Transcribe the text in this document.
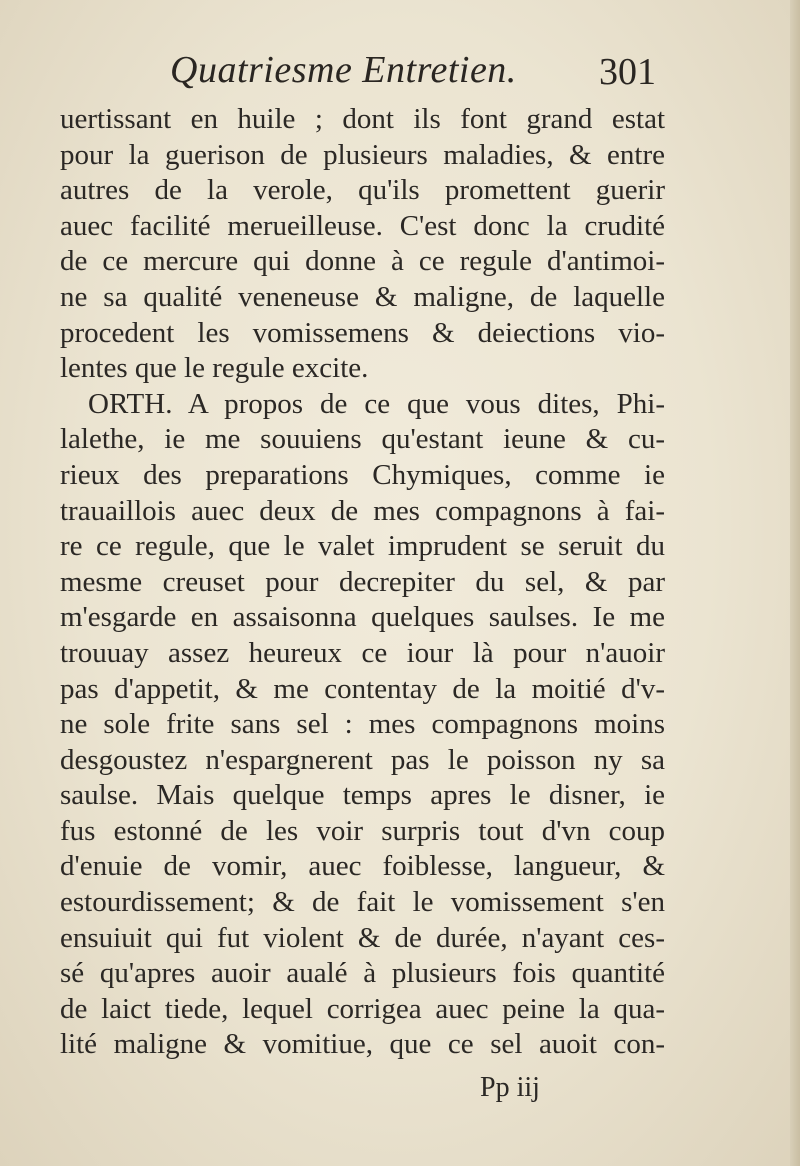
Quatriesme Entretien. 301
uertissant en huile ; dont ils font grand estat
pour la guerison de plusieurs maladies, & entre
autres de la verole, qu'ils promettent guerir
auec facilité merueilleuse. C'est donc la crudité
de ce mercure qui donne à ce regule d'antimoi-
ne sa qualité veneneuse & maligne, de laquelle
procedent les vomissemens & deiections vio-
lentes que le regule excite.
ORTH. A propos de ce que vous dites, Phi-
lalethe, ie me souuiens qu'estant ieune & cu-
rieux des preparations Chymiques, comme ie
trauaillois auec deux de mes compagnons à fai-
re ce regule, que le valet imprudent se seruit du
mesme creuset pour decrepiter du sel, & par
m'esgarde en assaisonna quelques saulses. Ie me
trouuay assez heureux ce iour là pour n'auoir
pas d'appetit, & me contentay de la moitié d'v-
ne sole frite sans sel : mes compagnons moins
desgoustez n'espargnerent pas le poisson ny sa
saulse. Mais quelque temps apres le disner, ie
fus estonné de les voir surpris tout d'vn coup
d'enuie de vomir, auec foiblesse, langueur, &
estourdissement; & de fait le vomissement s'en
ensuiuit qui fut violent & de durée, n'ayant ces-
sé qu'apres auoir aualé à plusieurs fois quantité
de laict tiede, lequel corrigea auec peine la qua-
lité maligne & vomitiue, que ce sel auoit con-
Pp iij
